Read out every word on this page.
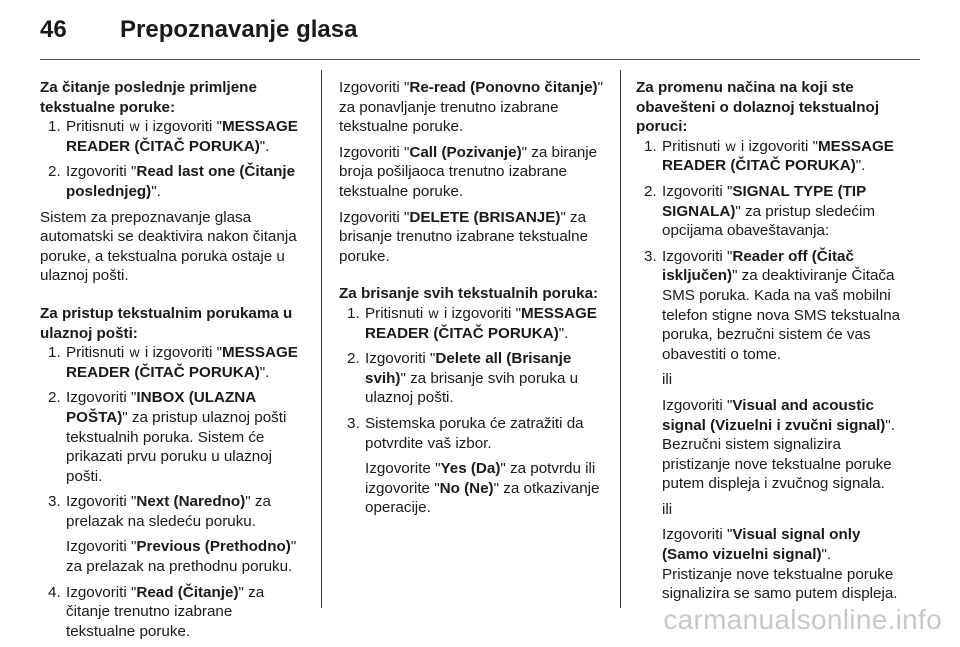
46 Prepoznavanje glasa

Za čitanje poslednje primljene tekstualne poruke:

1. Pritisnuti w i izgovoriti "MESSAGE READER (ČITAČ PORUKA)".
2. Izgovoriti "Read last one (Čitanje poslednjeg)".

Sistem za prepoznavanje glasa automatski se deaktivira nakon čitanja poruke, a tekstualna poruka ostaje u ulaznoj pošti.

Za pristup tekstualnim porukama u ulaznoj pošti:

1. Pritisnuti w i izgovoriti "MESSAGE READER (ČITAČ PORUKA)".
2. Izgovoriti "INBOX (ULAZNA POŠTA)" za pristup ulaznoj pošti tekstualnih poruka. Sistem će prikazati prvu poruku u ulaznoj pošti.
3. Izgovoriti "Next (Naredno)" za prelazak na sledeću poruku.
Izgovoriti "Previous (Prethodno)" za prelazak na prethodnu poruku.
4. Izgovoriti "Read (Čitanje)" za čitanje trenutno izabrane tekstualne poruke.

Izgovoriti "Re-read (Ponovno čitanje)" za ponavljanje trenutno izabrane tekstualne poruke.

Izgovoriti "Call (Pozivanje)" za biranje broja pošiljaoca trenutno izabrane tekstualne poruke.

Izgovoriti "DELETE (BRISANJE)" za brisanje trenutno izabrane tekstualne poruke.

Za brisanje svih tekstualnih poruka:

1. Pritisnuti w i izgovoriti "MESSAGE READER (ČITAČ PORUKA)".
2. Izgovoriti "Delete all (Brisanje svih)" za brisanje svih poruka u ulaznoj pošti.
3. Sistemska poruka će zatražiti da potvrdite vaš izbor.
Izgovorite "Yes (Da)" za potvrdu ili izgovorite "No (Ne)" za otkazivanje operacije.

Za promenu načina na koji ste obavešteni o dolaznoj tekstualnoj poruci:

1. Pritisnuti w i izgovoriti "MESSAGE READER (ČITAČ PORUKA)".
2. Izgovoriti "SIGNAL TYPE (TIP SIGNALA)" za pristup sledećim opcijama obaveštavanja:
3. Izgovoriti "Reader off (Čitač isključen)" za deaktiviranje Čitača SMS poruka. Kada na vaš mobilni telefon stigne nova SMS tekstualna poruka, bezručni sistem će vas obavestiti o tome.
ili
Izgovoriti "Visual and acoustic signal (Vizuelni i zvučni signal)". Bezručni sistem signalizira pristizanje nove tekstualne poruke putem displeja i zvučnog signala.
ili
Izgovoriti "Visual signal only (Samo vizuelni signal)". Pristizanje nove tekstualne poruke signalizira se samo putem displeja.
carmanualsonline.info
